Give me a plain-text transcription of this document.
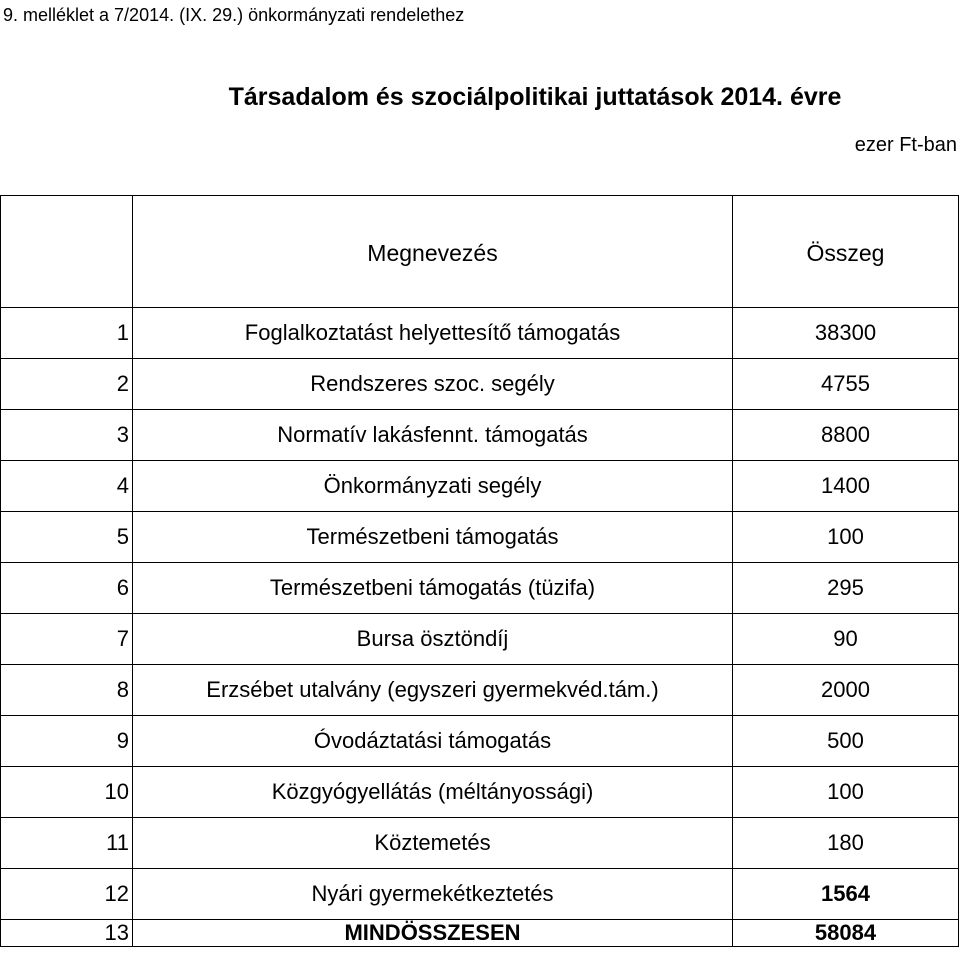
9. melléklet a 7/2014. (IX. 29.) önkormányzati rendelethez
Társadalom és szociálpolitikai juttatások 2014. évre
ezer Ft-ban
	Megnevezés	Összeg
1	Foglalkoztatást helyettesítő támogatás	38300
2	Rendszeres szoc. segély	4755
3	Normatív lakásfennt. támogatás	8800
4	Önkormányzati segély	1400
5	Természetbeni támogatás	100
6	Természetbeni támogatás (tüzifa)	295
7	Bursa ösztöndíj	90
8	Erzsébet utalvány (egyszeri gyermekvéd.tám.)	2000
9	Óvodáztatási támogatás	500
10	Közgyógyellátás (méltányossági)	100
11	Köztemetés	180
12	Nyári gyermekétkeztetés	1564
13	MINDÖSSZESEN	58084
